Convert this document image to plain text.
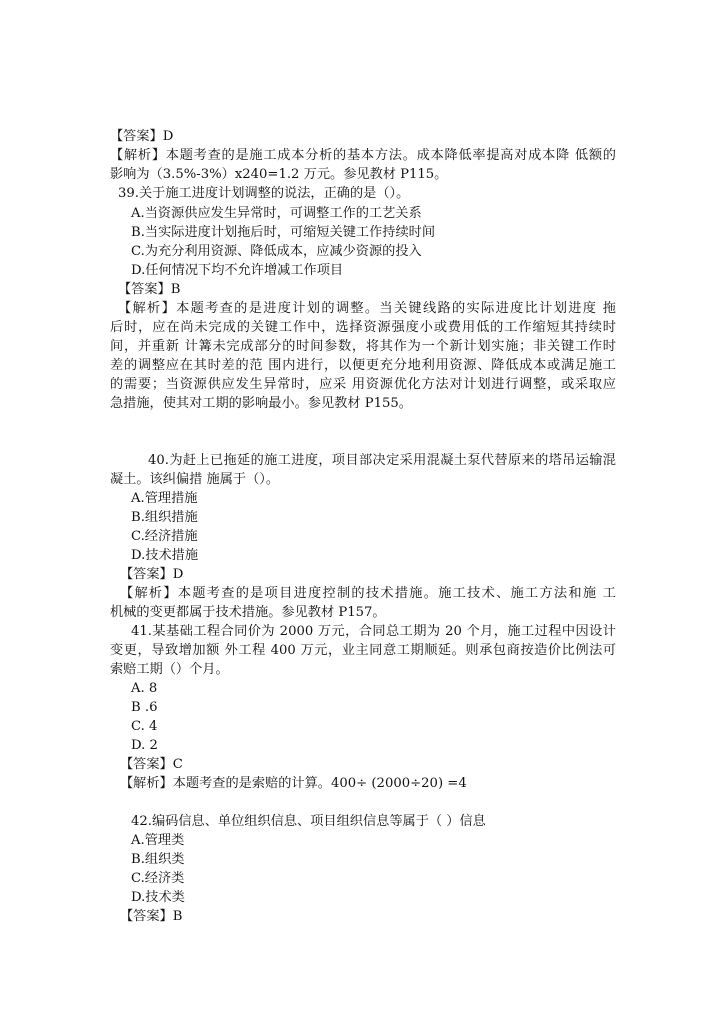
【答案】D
【解析】本题考查的是施工成本分析的基本方法。成本降低率提高对成本降 低额的
影响为（3.5%-3%）x240=1.2 万元。参见教材 P115。
39.关于施工进度计划调整的说法，正确的是（）。
A.当资源供应发生异常时，可调整工作的工艺关系
B.当实际进度计划拖后时，可缩短关键工作持续时间
C.为充分利用资源、降低成本，应减少资源的投入
D.任何情况下均不允许增减工作项目
【答案】B
【解析】本题考查的是进度计划的调整。当关键线路的实际进度比计划进度 拖
后时，应在尚未完成的关键工作中，选择资源强度小或费用低的工作缩短其持续时
间，并重新 计篝未完成部分的时间参数，将其作为一个新计划实施；非关键工作时
差的调整应在其时差的范 围内进行，以便更充分地利用资源、降低成本或满足施工
的需要；当资源供应发生异常时，应采 用资源优化方法对计划进行调整，或采取应
急措施，使其对工期的影响最小。参见教材 P155。
40.为赶上已拖延的施工进度，项目部决定采用混凝土泵代替原来的塔吊运输混
凝土。该纠偏措 施属于（）。
A.管理措施
B.组织措施
C.经济措施
D.技术措施
【答案】D
【解析】本题考查的是项目进度控制的技术措施。施工技术、施工方法和施 工
机械的变更都属于技术措施。参见教材 P157。
41.某基础工程合同价为 2000 万元，合同总工期为 20 个月，施工过程中因设计
变更，导致增加额 外工程 400 万元，业主同意工期顺延。则承包商按造价比例法可
索赔工期（）个月。
A. 8
B .6
C. 4
D. 2
【答案】C
【解析】本题考查的是索赔的计算。400÷ (2000÷20) =4
42.编码信息、单位组织信息、项目组织信息等属于（ ）信息
A.管理类
B.组织类
C.经济类
D.技术类
【答案】B
